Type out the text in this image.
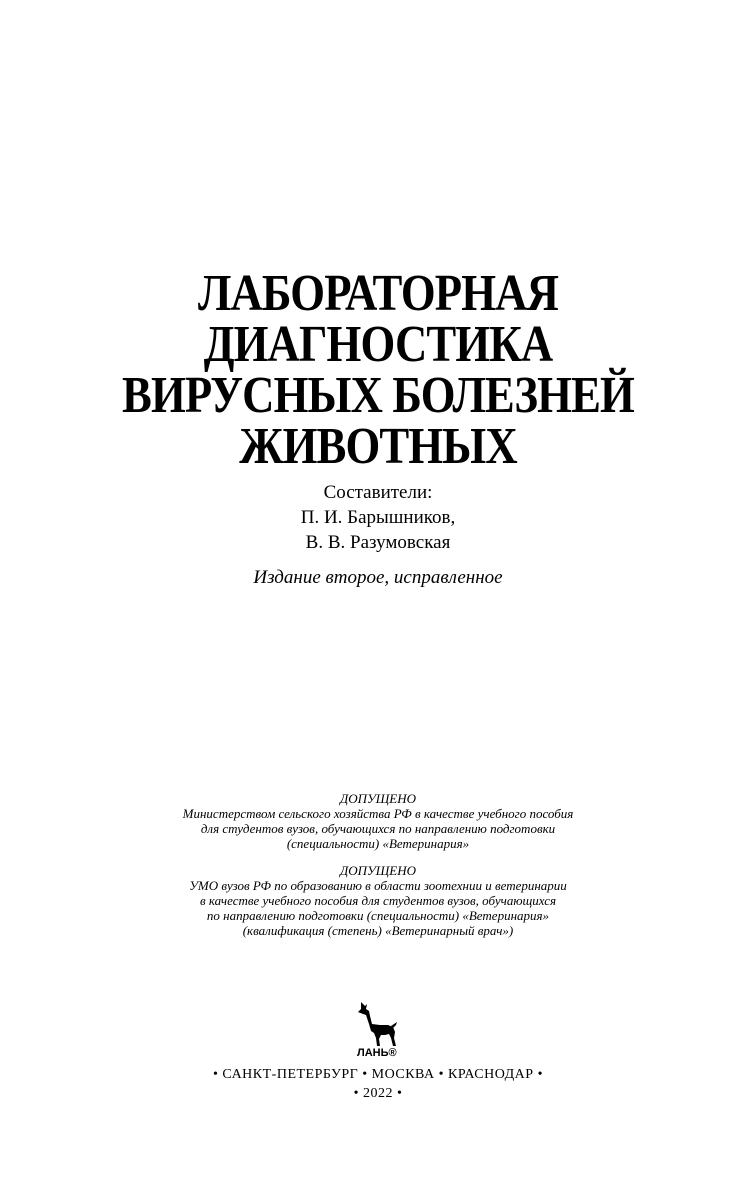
ЛАБОРАТОРНАЯ
ДИАГНОСТИКА
ВИРУСНЫХ БОЛЕЗНЕЙ
ЖИВОТНЫХ
Составители:
П. И. Барышников,
В. В. Разумовская
Издание второе, исправленное
ДОПУЩЕНО
Министерством сельского хозяйства РФ в качестве учебного пособия
для студентов вузов, обучающихся по направлению подготовки
(специальности) «Ветеринария»
ДОПУЩЕНО
УМО вузов РФ по образованию в области зоотехнии и ветеринарии
в качестве учебного пособия для студентов вузов, обучающихся
по направлению подготовки (специальности) «Ветеринария»
(квалификация (степень) «Ветеринарный врач»)
ЛАНЬ®
• САНКТ-ПЕТЕРБУРГ • МОСКВА • КРАСНОДАР •
• 2022 •
